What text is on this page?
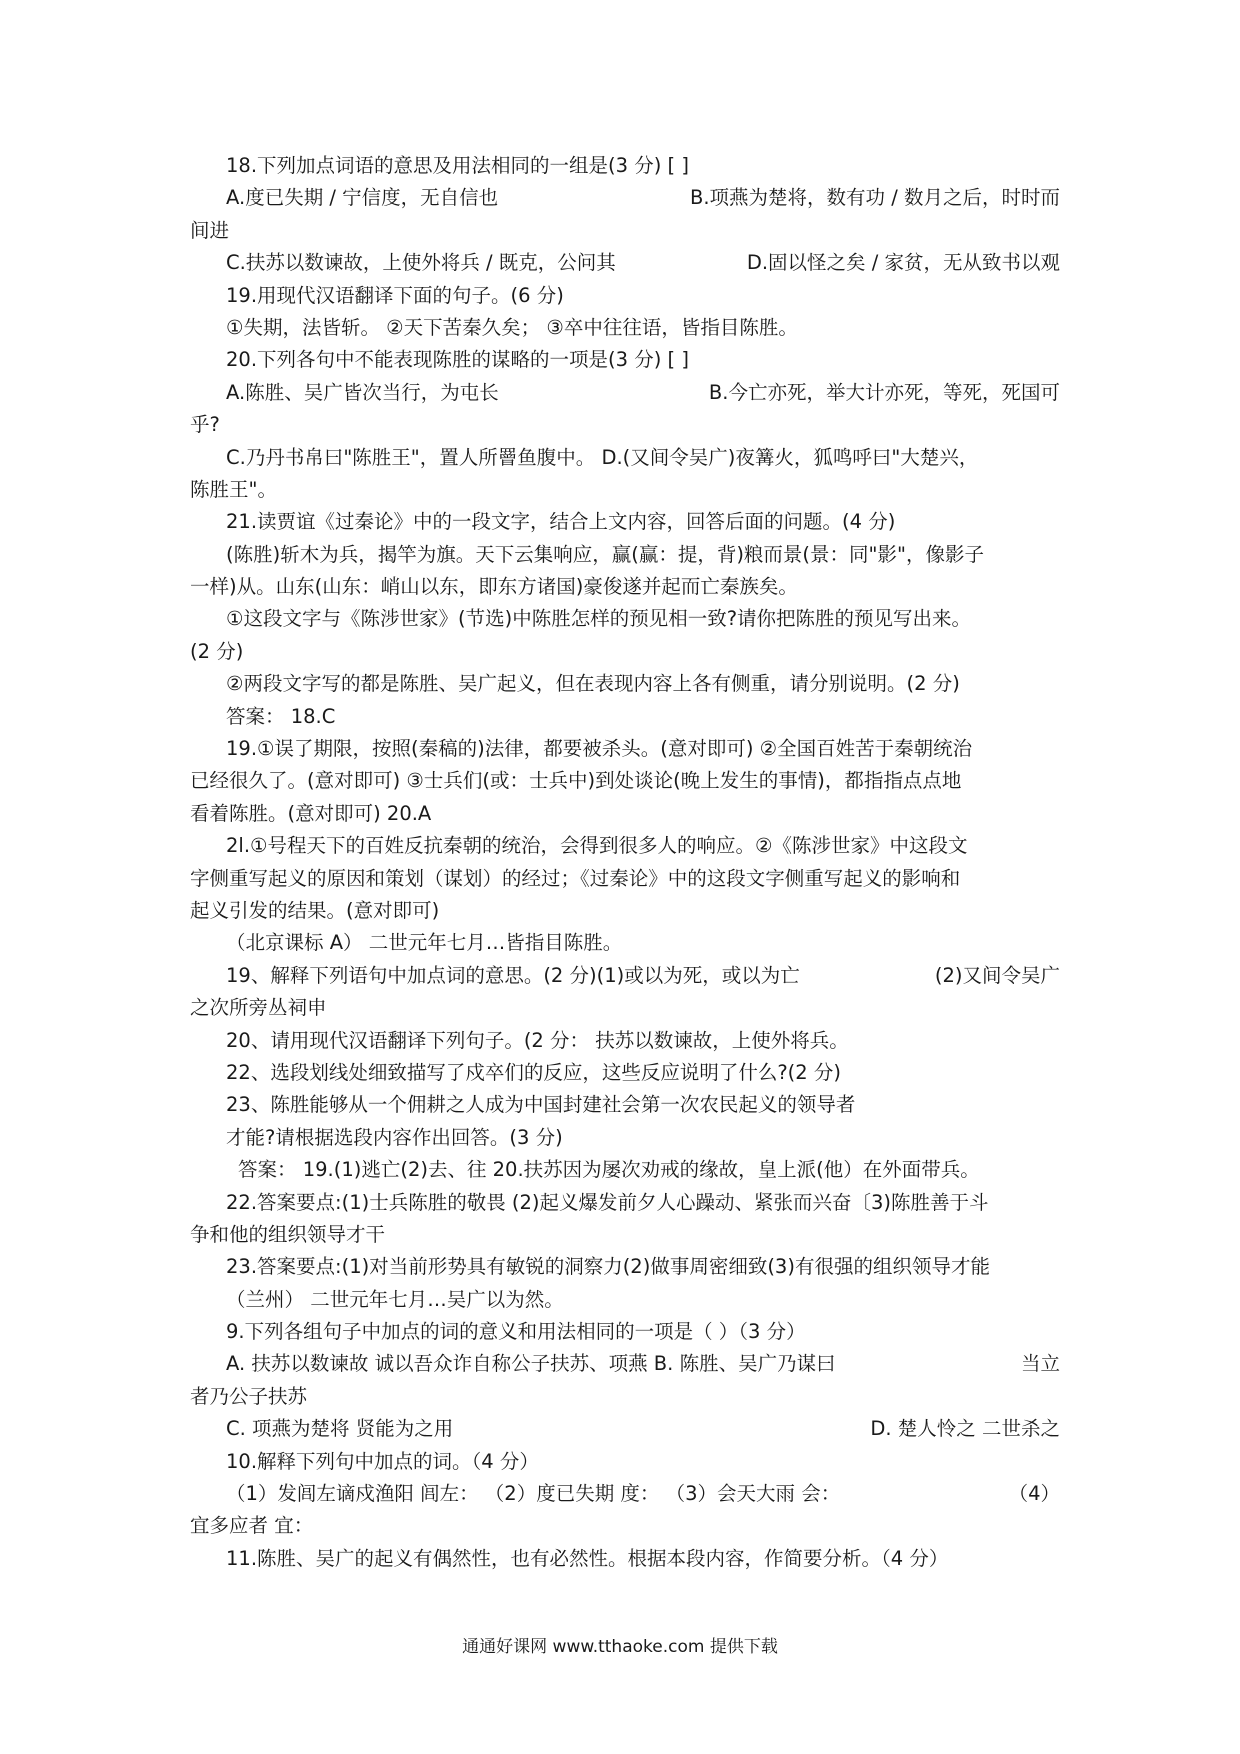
18.下列加点词语的意思及用法相同的一组是(3 分) [ ]
A.度已失期 / 宁信度，无自信也	B.项燕为楚将，数有功 / 数月之后，时时而
间进
C.扶苏以数谏故，上使外将兵 / 既克，公问其	D.固以怪之矣 / 家贫，无从致书以观
19.用现代汉语翻译下面的句子。(6 分)
①失期，法皆斩。 ②天下苦秦久矣； ③卒中往往语，皆指目陈胜。
20.下列各句中不能表现陈胜的谋略的一项是(3 分) [ ]
A.陈胜、吴广皆次当行，为屯长	B.今亡亦死，举大计亦死，等死，死国可
乎?
C.乃丹书帛曰"陈胜王"，置人所罾鱼腹中。 D.(又间令吴广)夜篝火，狐鸣呼曰"大楚兴，
陈胜王"。
21.读贾谊《过秦论》中的一段文字，结合上文内容，回答后面的问题。(4 分)
(陈胜)斩木为兵，揭竿为旗。天下云集响应，赢(赢：提，背)粮而景(景：同"影"，像影子
一样)从。山东(山东：峭山以东，即东方诸国)豪俊遂并起而亡秦族矣。
①这段文字与《陈涉世家》(节选)中陈胜怎样的预见相一致?请你把陈胜的预见写出来。
(2 分)
②两段文字写的都是陈胜、吴广起义，但在表现内容上各有侧重，请分别说明。(2 分)
答案： 18.C
19.①误了期限，按照(秦稿的)法律，都要被杀头。(意对即可) ②全国百姓苦于秦朝统治
已经很久了。(意对即可) ③士兵们(或：士兵中)到处谈论(晚上发生的事情)，都指指点点地
看着陈胜。(意对即可) 20.A
2l.①号程天下的百姓反抗秦朝的统治，会得到很多人的响应。②《陈涉世家》中这段文
字侧重写起义的原因和策划（谋划）的经过；《过秦论》中的这段文字侧重写起义的影响和
起义引发的结果。(意对即可)
（北京课标 A） 二世元年七月…皆指目陈胜。
19、解释下列语句中加点词的意思。(2 分)(1)或以为死，或以为亡	(2)又间令吴广
之次所旁丛祠申
20、请用现代汉语翻译下列句子。(2 分： 扶苏以数谏故，上使外将兵。
22、选段划线处细致描写了戍卒们的反应，这些反应说明了什么?(2 分)
23、陈胜能够从一个佣耕之人成为中国封建社会第一次农民起义的领导者
才能?请根据选段内容作出回答。(3 分)
答案： 19.(1)逃亡(2)去、往 20.扶苏因为屡次劝戒的缘故，皇上派(他）在外面带兵。
22.答案要点:(1)士兵陈胜的敬畏 (2)起义爆发前夕人心躁动、紧张而兴奋〔3)陈胜善于斗
争和他的组织领导才干
23.答案要点:(1)对当前形势具有敏锐的洞察力(2)做事周密细致(3)有很强的组织领导才能
（兰州） 二世元年七月…吴广以为然。
9.下列各组句子中加点的词的意义和用法相同的一项是（ ）（3 分）
A. 扶苏以数谏故 诚以吾众诈自称公子扶苏、项燕 B. 陈胜、吴广乃谋曰	当立
者乃公子扶苏
C. 项燕为楚将 贤能为之用	D. 楚人怜之 二世杀之
10.解释下列句中加点的词。（4 分）
（1）发闾左谪戍渔阳 闾左： （2）度已失期 度： （3）会天大雨 会：	（4）
宜多应者 宜：
11.陈胜、吴广的起义有偶然性，也有必然性。根据本段内容，作简要分析。（4 分）
通通好课网 www.tthaoke.com 提供下载
